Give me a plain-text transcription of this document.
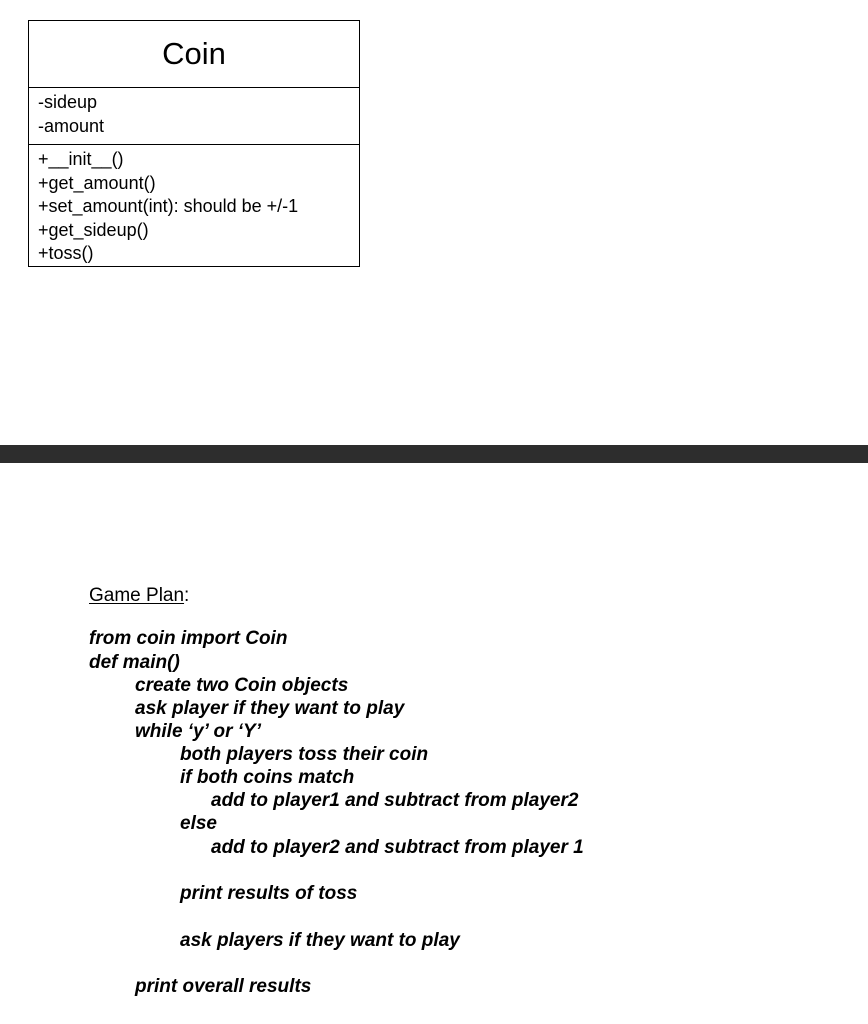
Coin
-sideup
-amount
+__init__()
+get_amount()
+set_amount(int): should be +/-1
+get_sideup()
+toss()
Game Plan:
from coin import Coin
def main()
create two Coin objects
ask player if they want to play
while ‘y’ or ‘Y’
both players toss their coin
if both coins match
add to player1 and subtract from player2
else
add to player2 and subtract from player 1
print results of toss
ask players if they want to play
print overall results
